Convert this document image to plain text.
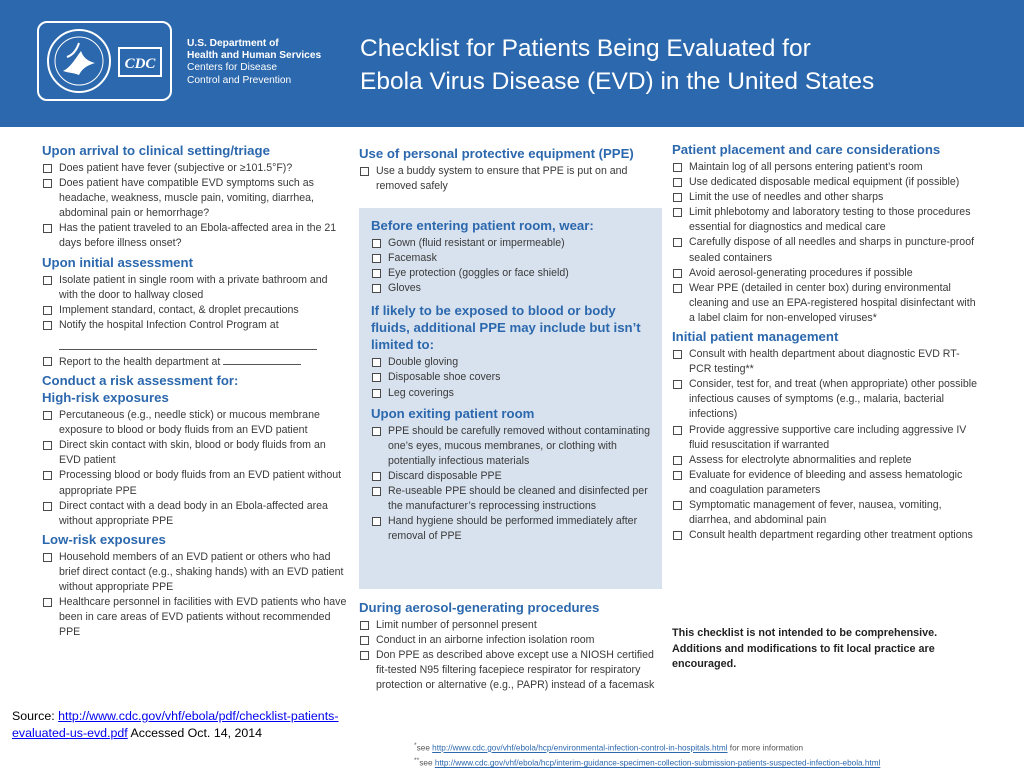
CDC
U.S. Department of
Health and Human Services
Centers for Disease
Control and Prevention
Checklist for Patients Being Evaluated for
Ebola Virus Disease (EVD) in the United States
Upon arrival to clinical setting/triage
Does patient have fever (subjective or ≥101.5°F)?
Does patient have compatible EVD symptoms such as headache, weakness, muscle pain, vomiting, diarrhea, abdominal pain or hemorrhage?
Has the patient traveled to an Ebola-affected area in the 21 days before illness onset?
Upon initial assessment
Isolate patient in single room with a private bathroom and with the door to hallway closed
Implement standard, contact, & droplet precautions
Notify the hospital Infection Control Program at
Report to the health department at
Conduct a risk assessment for:
High-risk exposures
Percutaneous (e.g., needle stick) or mucous membrane exposure to blood or body fluids from an EVD patient
Direct skin contact with skin, blood or body fluids from an EVD patient
Processing blood or body fluids from an EVD patient without appropriate PPE
Direct contact with a dead body in an Ebola-affected area without appropriate PPE
Low-risk exposures
Household members of an EVD patient or others who had brief direct contact (e.g., shaking hands) with an EVD patient without appropriate PPE
Healthcare personnel in facilities with EVD patients who have been in care areas of EVD patients without recommended PPE
Use of personal protective equipment (PPE)
Use a buddy system to ensure that PPE is put on and removed safely
Before entering patient room, wear:
Gown (fluid resistant or impermeable)
Facemask
Eye protection (goggles or face shield)
Gloves
If likely to be exposed to blood or body fluids, additional PPE may include but isn’t limited to:
Double gloving
Disposable shoe covers
Leg coverings
Upon exiting patient room
PPE should be carefully removed without contaminating one’s eyes, mucous membranes, or clothing with potentially infectious materials
Discard disposable PPE
Re-useable PPE should be cleaned and disinfected per the manufacturer’s reprocessing instructions
Hand hygiene should be performed immediately after removal of PPE
During aerosol-generating procedures
Limit number of personnel present
Conduct in an airborne infection isolation room
Don PPE as described above except use a NIOSH certified fit-tested N95 filtering facepiece respirator for respiratory protection or alternative (e.g., PAPR) instead of a facemask
Patient placement and care considerations
Maintain log of all persons entering patient’s room
Use dedicated disposable medical equipment (if possible)
Limit the use of needles and other sharps
Limit phlebotomy and laboratory testing to those procedures essential for diagnostics and medical care
Carefully dispose of all needles and sharps in puncture-proof sealed containers
Avoid aerosol-generating procedures if possible
Wear PPE (detailed in center box) during environmental cleaning and use an EPA-registered hospital disinfectant with a label claim for non-enveloped viruses*
Initial patient management
Consult with health department about diagnostic EVD RT-PCR testing**
Consider, test for, and treat (when appropriate) other possible infectious causes of symptoms (e.g., malaria, bacterial infections)
Provide aggressive supportive care including aggressive IV fluid resuscitation if warranted
Assess for electrolyte abnormalities and replete
Evaluate for evidence of bleeding and assess hematologic and coagulation parameters
Symptomatic management of fever, nausea, vomiting, diarrhea, and abdominal pain
Consult health department regarding other treatment options
This checklist is not intended to be comprehensive. Additions and modifications to fit local practice are encouraged.
Source: http://www.cdc.gov/vhf/ebola/pdf/checklist-patients-evaluated-us-evd.pdf Accessed Oct. 14, 2014
*see http://www.cdc.gov/vhf/ebola/hcp/environmental-infection-control-in-hospitals.html for more information
**see http://www.cdc.gov/vhf/ebola/hcp/interim-guidance-specimen-collection-submission-patients-suspected-infection-ebola.html
